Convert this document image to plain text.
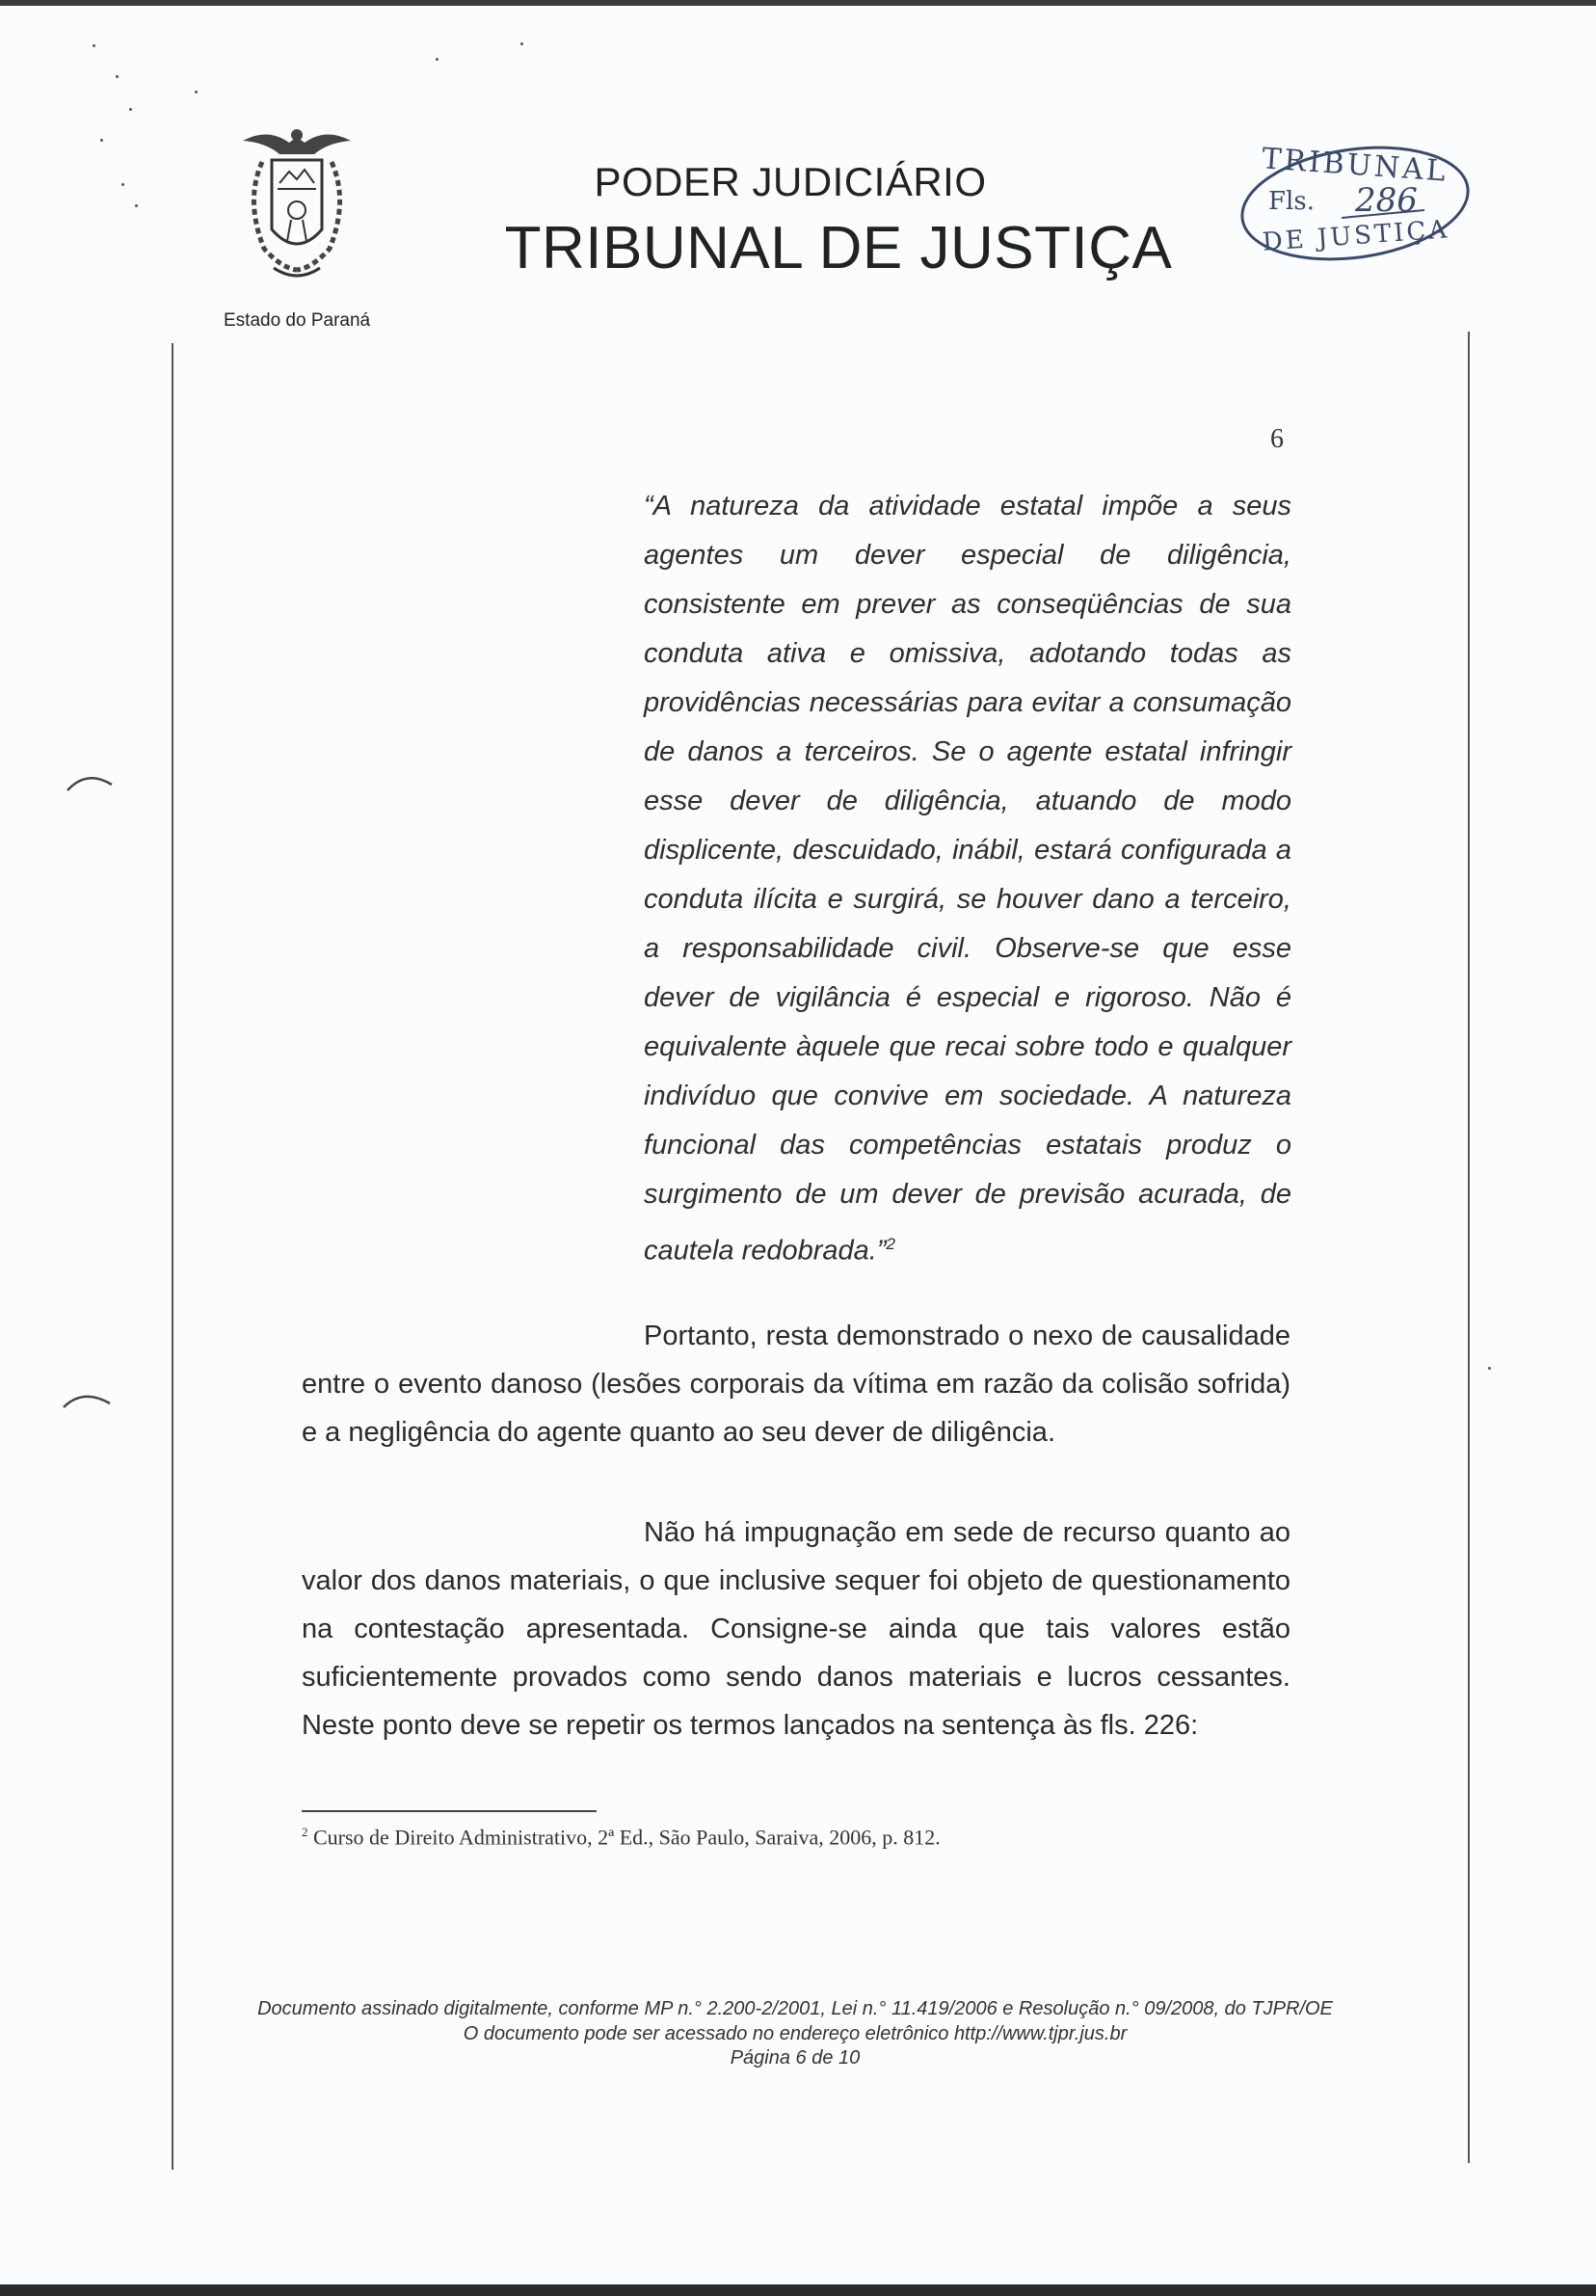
Estado do Paraná
PODER JUDICIÁRIO
TRIBUNAL DE JUSTIÇA
TRIBUNAL
Fls. 286
DE JUSTIÇA
6
“A natureza da atividade estatal impõe a seus agentes um dever especial de diligência, consistente em prever as conseqüências de sua conduta ativa e omissiva, adotando todas as providências necessárias para evitar a consumação de danos a terceiros. Se o agente estatal infringir esse dever de diligência, atuando de modo displicente, descuidado, inábil, estará configurada a conduta ilícita e surgirá, se houver dano a terceiro, a responsabilidade civil. Observe-se que esse dever de vigilância é especial e rigoroso. Não é equivalente àquele que recai sobre todo e qualquer indivíduo que convive em sociedade. A natureza funcional das competências estatais produz o surgimento de um dever de previsão acurada, de cautela redobrada.”$^2$
Portanto, resta demonstrado o nexo de causalidade entre o evento danoso (lesões corporais da vítima em razão da colisão sofrida) e a negligência do agente quanto ao seu dever de diligência.
Não há impugnação em sede de recurso quanto ao valor dos danos materiais, o que inclusive sequer foi objeto de questionamento na contestação apresentada. Consigne-se ainda que tais valores estão suficientemente provados como sendo danos materiais e lucros cessantes. Neste ponto deve se repetir os termos lançados na sentença às fls. 226:
$^2$ Curso de Direito Administrativo, 2ª Ed., São Paulo, Saraiva, 2006, p. 812.
Documento assinado digitalmente, conforme MP n.° 2.200-2/2001, Lei n.° 11.419/2006 e Resolução n.° 09/2008, do TJPR/OE
O documento pode ser acessado no endereço eletrônico http://www.tjpr.jus.br
Página 6 de 10
